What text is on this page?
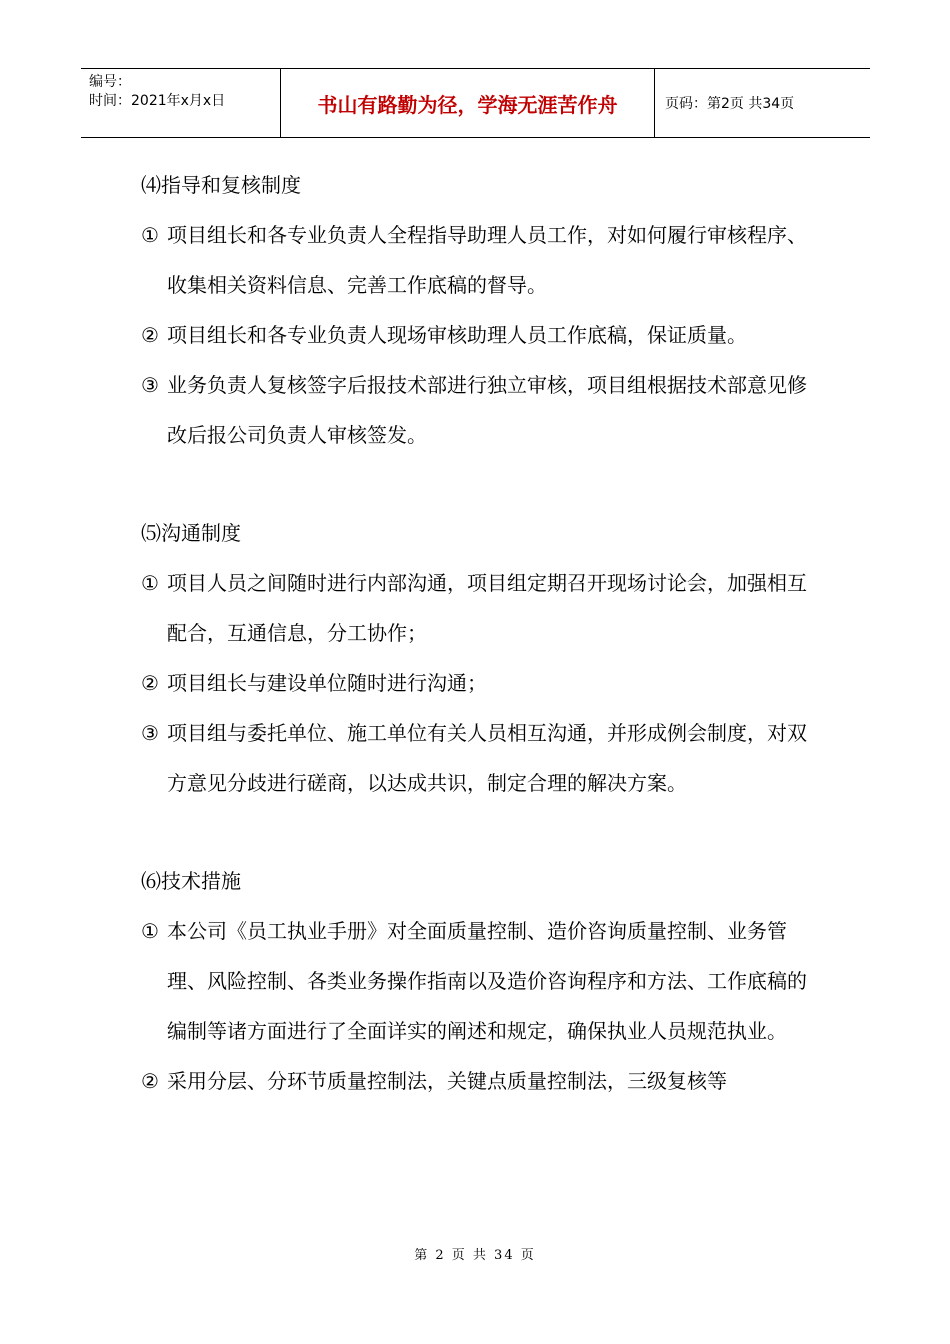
编号：
时间：2021年x月x日	书山有路勤为径，学海无涯苦作舟	页码：第2页 共34页
⑷指导和复核制度
① 项目组长和各专业负责人全程指导助理人员工作，对如何履行审核程序、收集相关资料信息、完善工作底稿的督导。
② 项目组长和各专业负责人现场审核助理人员工作底稿，保证质量。
③ 业务负责人复核签字后报技术部进行独立审核，项目组根据技术部意见修改后报公司负责人审核签发。
⑸沟通制度
① 项目人员之间随时进行内部沟通，项目组定期召开现场讨论会，加强相互配合，互通信息，分工协作；
② 项目组长与建设单位随时进行沟通；
③ 项目组与委托单位、施工单位有关人员相互沟通，并形成例会制度，对双方意见分歧进行磋商，以达成共识，制定合理的解决方案。
⑹技术措施
① 本公司《员工执业手册》对全面质量控制、造价咨询质量控制、业务管理、风险控制、各类业务操作指南以及造价咨询程序和方法、工作底稿的编制等诸方面进行了全面详实的阐述和规定，确保执业人员规范执业。
② 采用分层、分环节质量控制法，关键点质量控制法，三级复核等
第 2 页 共 34 页
